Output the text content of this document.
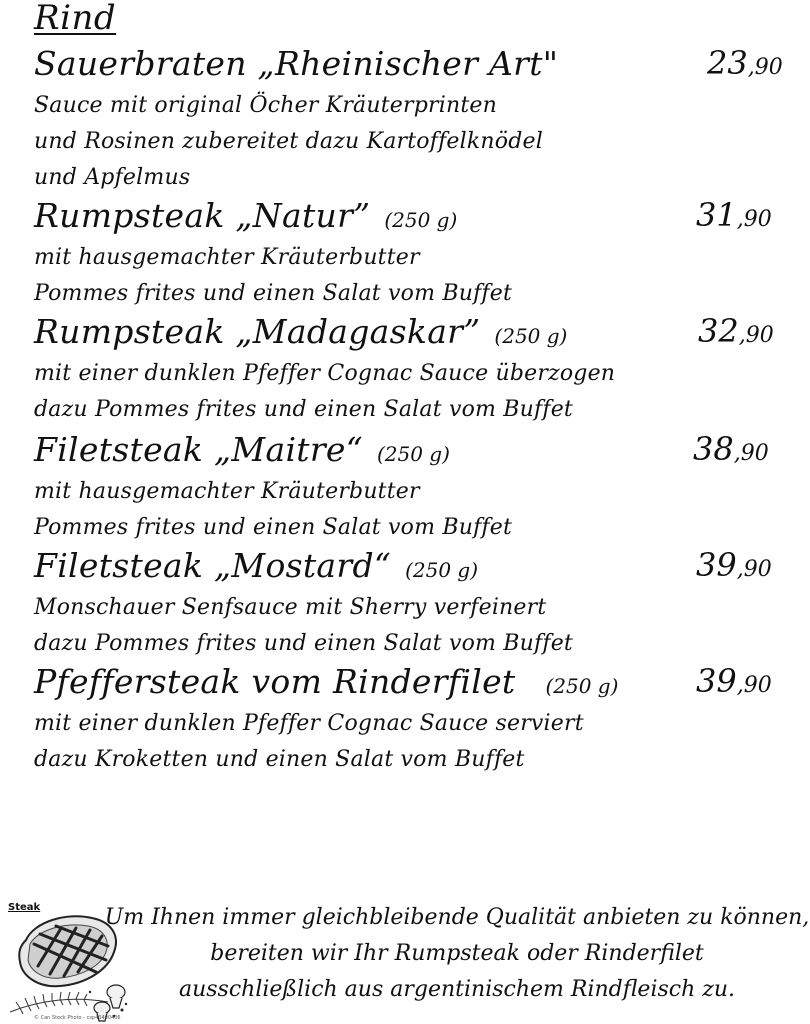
Rind
Sauerbraten „Rheinischer Art"	23,90
Sauce mit original Öcher Kräuterprinten
und Rosinen zubereitet dazu Kartoffelknödel
und Apfelmus
Rumpsteak „Natur” (250 g)	31,90
mit hausgemachter Kräuterbutter
Pommes frites und einen Salat vom Buffet
Rumpsteak „Madagaskar” (250 g)	32,90
mit einer dunklen Pfeffer Cognac Sauce überzogen
dazu Pommes frites und einen Salat vom Buffet
Filetsteak „Maitre“ (250 g)	38,90
mit hausgemachter Kräuterbutter
Pommes frites und einen Salat vom Buffet
Filetsteak „Mostard“ (250 g)	39,90
Monschauer Senfsauce mit Sherry verfeinert
dazu Pommes frites und einen Salat vom Buffet
Pfeffersteak vom Rinderfilet (250 g) 39,90
mit einer dunklen Pfeffer Cognac Sauce serviert
dazu Kroketten und einen Salat vom Buffet
Steak
© Can Stock Photo - csp40490406
Um Ihnen immer gleichbleibende Qualität anbieten zu können,
bereiten wir Ihr Rumpsteak oder Rinderfilet
ausschließlich aus argentinischem Rindfleisch zu.
